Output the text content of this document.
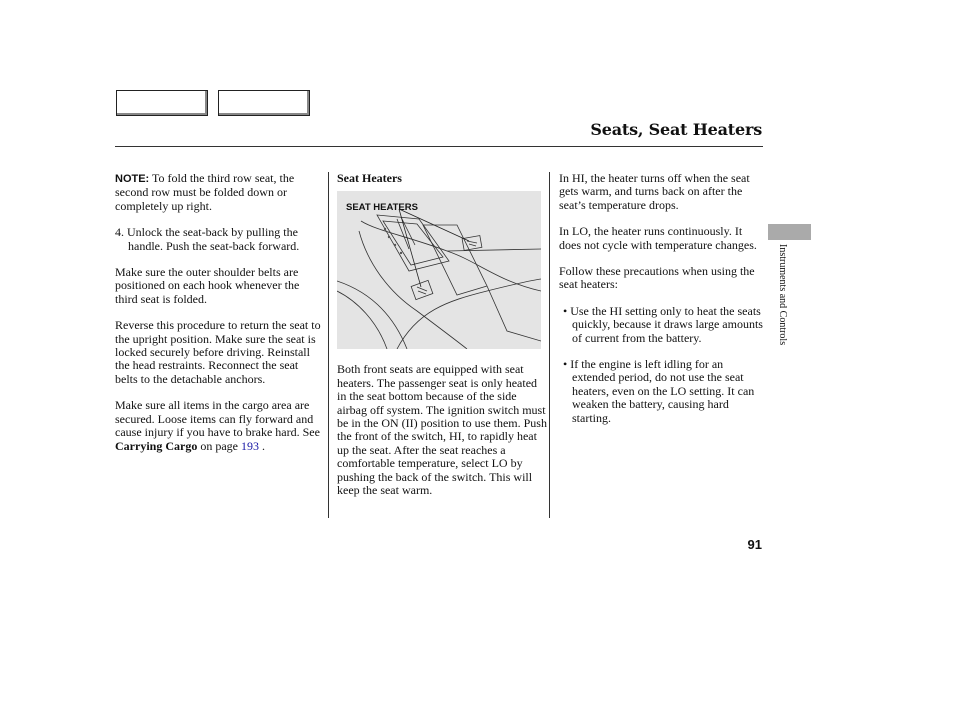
Seats, Seat Heaters

NOTE: To fold the third row seat, the second row must be folded down or completely up right.

4. Unlock the seat-back by pulling the handle. Push the seat-back forward.

Make sure the outer shoulder belts are positioned on each hook whenever the third seat is folded.

Reverse this procedure to return the seat to the upright position. Make sure the seat is locked securely before driving. Reinstall the head restraints. Reconnect the seat belts to the detachable anchors.

Make sure all items in the cargo area are secured. Loose items can fly forward and cause injury if you have to brake hard. See Carrying Cargo on page 193 .

Seat Heaters
SEAT HEATERS

Both front seats are equipped with seat heaters. The passenger seat is only heated in the seat bottom because of the side airbag off system. The ignition switch must be in the ON (II) position to use them. Push the front of the switch, HI, to rapidly heat up the seat. After the seat reaches a comfortable temperature, select LO by pushing the back of the switch. This will keep the seat warm.

In HI, the heater turns off when the seat gets warm, and turns back on after the seat’s temperature drops.

In LO, the heater runs continuously. It does not cycle with temperature changes.

Follow these precautions when using the seat heaters:

• Use the HI setting only to heat the seats quickly, because it draws large amounts of current from the battery.

• If the engine is left idling for an extended period, do not use the seat heaters, even on the LO setting. It can weaken the battery, causing hard starting.

Instruments and Controls
91
